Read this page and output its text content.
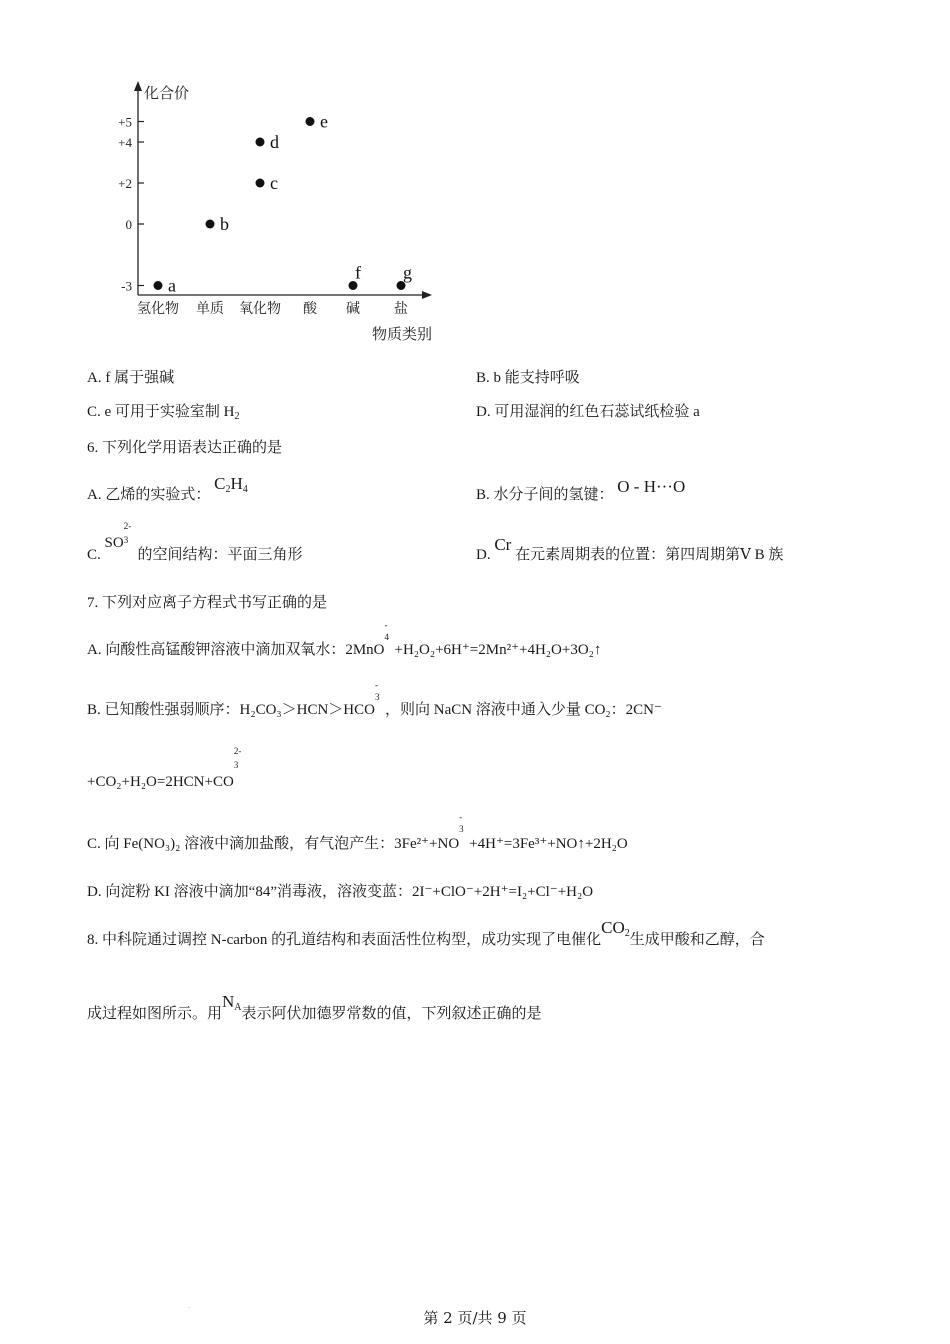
化合价
物质类别
+5
+4
+2
0
-3
氢化物 单质 氧化物 酸 碱 盐
a
b
c
d
e
f g
A. f 属于强碱	B. b 能支持呼吸
C. e 可用于实验室制 $H_2$	D. 可用湿润的红色石蕊试纸检验 a
6. 下列化学用语表达正确的是
A. 乙烯的实验式： $C_2H_4$	B. 水分子间的氢键： O - H···O
C. SO
2-
3
的空间结构：平面三角形	D. Cr 在元素周期表的位置：第四周期第Ⅴ B 族
7. 下列对应离子方程式书写正确的是
A. 向酸性高锰酸钾溶液中滴加双氧水：2MnO
-
4
+H₂O₂+6H⁺=2Mn²⁺+4H₂O+3O₂↑
B. 已知酸性强弱顺序：H₂CO₃＞HCN＞HCO
-
3
，则向 NaCN 溶液中通入少量 CO₂：2CN⁻
+CO₂+H₂O=2HCN+CO
2-
3
C. 向 Fe(NO₃)₂ 溶液中滴加盐酸，有气泡产生：3Fe²⁺+NO
-
3
+4H⁺=3Fe³⁺+NO↑+2H₂O
D. 向淀粉 KI 溶液中滴加“84”消毒液，溶液变蓝：2I⁻+ClO⁻+2H⁺=I₂+Cl⁻+H₂O
8. 中科院通过调控 N-carbon 的孔道结构和表面活性位构型，成功实现了电催化$CO_2$生成甲酸和乙醇，合
成过程如图所示。用$N_A$表示阿伏加德罗常数的值，下列叙述正确的是
·
第 2 页/共 9 页
